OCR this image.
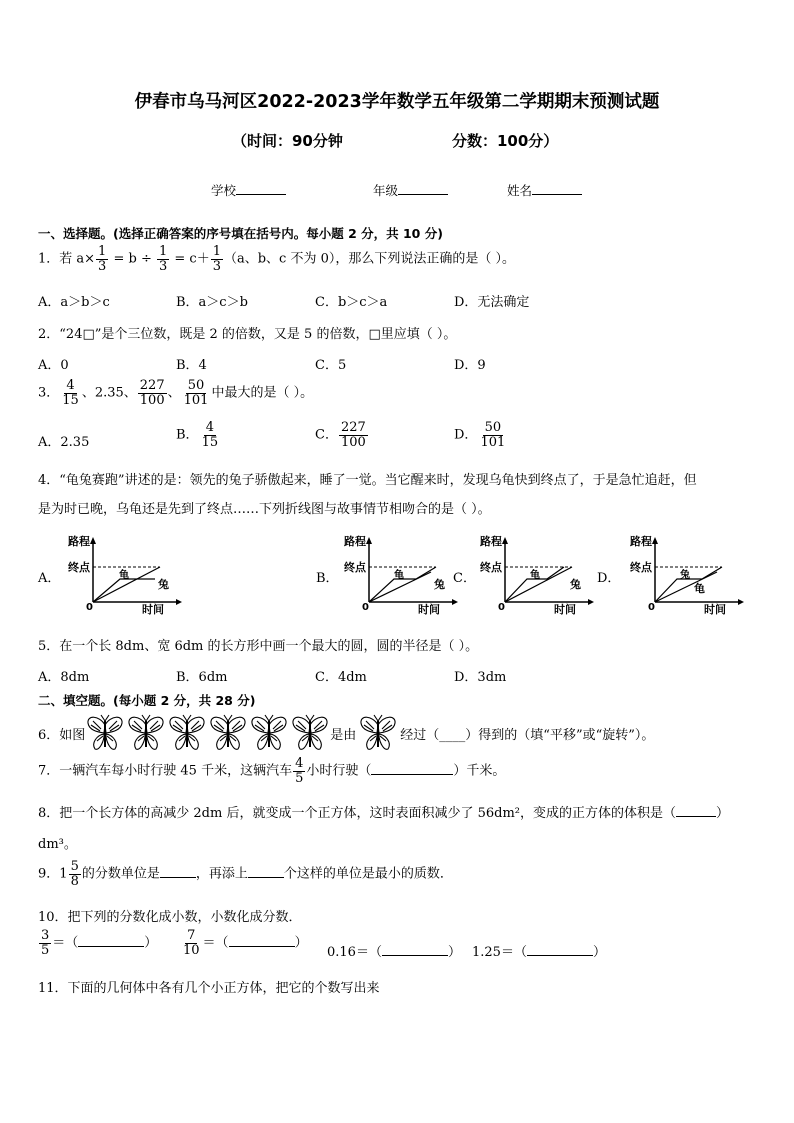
伊春市乌马河区2022-2023学年数学五年级第二学期期末预测试题
（时间：90分钟	分数：100分）
学校	年级	姓名
一、选择题。(选择正确答案的序号填在括号内。每小题 2 分，共 10 分)
1．若 $a\times \frac{1}{3} = b \div \frac{1}{3} = c+ \frac{1}{3} (a$、b、c 不为 0），那么下列说法正确的是（ ）。
A．a＞b＞c	B．a＞c＞b	C．b＞c＞a	D．无法确定
2．“24□”是个三位数，既是 2 的倍数，又是 5 的倍数，□里应填（ ）。
A．0	B．4	C．5	D．9
3． $\frac{4}{15}$ 、2.35、 $\frac{227}{100}$ 、 $\frac{50}{101}$ 中最大的是（ ）。
A．2.35	B． $\frac{4}{15}$	C． $\frac{227}{100}$	D． $\frac{50}{101}$
4．“龟兔赛跑”讲述的是：领先的兔子骄傲起来，睡了一觉。当它醒来时，发现乌龟快到终点了，于是急忙追赶，但
是为时已晚，乌龟还是先到了终点……下列折线图与故事情节相吻合的是（ ）。
A．
路程
终点
0	时间
龟
兔	B．
路程
终点
0	时间
龟
兔 C．
路程
终点
0	时间
龟
兔 D．
路程
终点
0	时间
兔
龟
5．在一个长 8dm、宽 6dm 的长方形中画一个最大的圆，圆的半径是（ ）。
A．8dm	B．6dm	C．4dm	D．3dm
二、填空题。(每小题 2 分，共 28 分)
6．如图	是由	经过（____）得到的（填“平移”或“旋转”）。
7．一辆汽车每小时行驶 45 千米，这辆汽车 $\frac{4}{5}$ 小时行驶（	）千米。
8．把一个长方体的高减少 2dm 后，就变成一个正方体，这时表面积减少了 56dm²，变成的正方体的体积是（	）
dm³。
9．$1 \frac{5}{8}$ 的分数单位是	，再添上	个这样的单位是最小的质数．
10．把下列的分数化成小数，小数化成分数．
$\frac{3}{5}$ ＝（	） $\frac{7}{10}$ ＝（	）
0.16＝（	） 1.25＝（	）
11．下面的几何体中各有几个小正方体，把它的个数写出来
